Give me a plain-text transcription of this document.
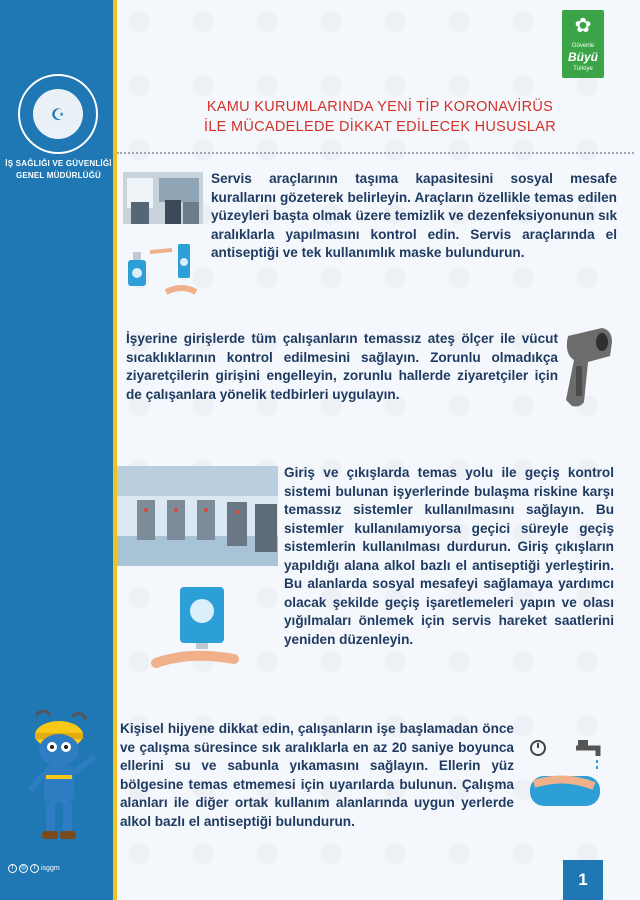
☪
İŞ SAĞLIĞI VE GÜVENLİĞİ
GENEL MÜDÜRLÜĞÜ
f	◎	t isggm
✿
Güvenle
Büyü
Türkiye
KAMU KURUMLARINDA YENİ TİP KORONAVİRÜS
İLE MÜCADELEDE DİKKAT EDİLECEK HUSUSLAR

Servis araçlarının taşıma kapasitesini sosyal mesafe kurallarını gözeterek belirleyin. Araçların özellikle temas edilen yüzeyleri başta olmak üzere temizlik ve dezenfeksiyonunun sık aralıklarla yapılmasını kontrol edin. Servis araçlarında el antiseptiği ve tek kullanımlık maske bulundurun.

İşyerine girişlerde tüm çalışanların temassız ateş ölçer ile vücut sıcaklıklarının kontrol edilmesini sağlayın. Zorunlu olmadıkça ziyaretçilerin girişini engelleyin, zorunlu hallerde ziyaretçiler için de çalışanlara yönelik tedbirleri uygulayın.

Giriş ve çıkışlarda temas yolu ile geçiş kontrol sistemi bulunan işyerlerinde bulaşma riskine karşı temassız sistemler kullanılmasını sağlayın. Bu sistemler kullanılamıyorsa geçici süreyle geçiş sistemlerin kullanılması durdurun. Giriş çıkışların yapıldığı alana alkol bazlı el antiseptiği yerleştirin. Bu alanlarda sosyal mesafeyi sağlamaya yardımcı olacak şekilde geçiş işaretlemeleri yapın ve olası yığılmaları önlemek için servis hareket saatlerini yeniden düzenleyin.

Kişisel hijyene dikkat edin, çalışanların işe başlamadan önce ve çalışma süresince sık aralıklarla en az 20 saniye boyunca ellerini su ve sabunla yıkamasını sağlayın. Ellerin yüz bölgesine temas etmemesi için uyarılarda bulunun. Çalışma alanları ile diğer ortak kullanım alanlarında uygun yerlerde alkol bazlı el antiseptiği bulundurun.

1
